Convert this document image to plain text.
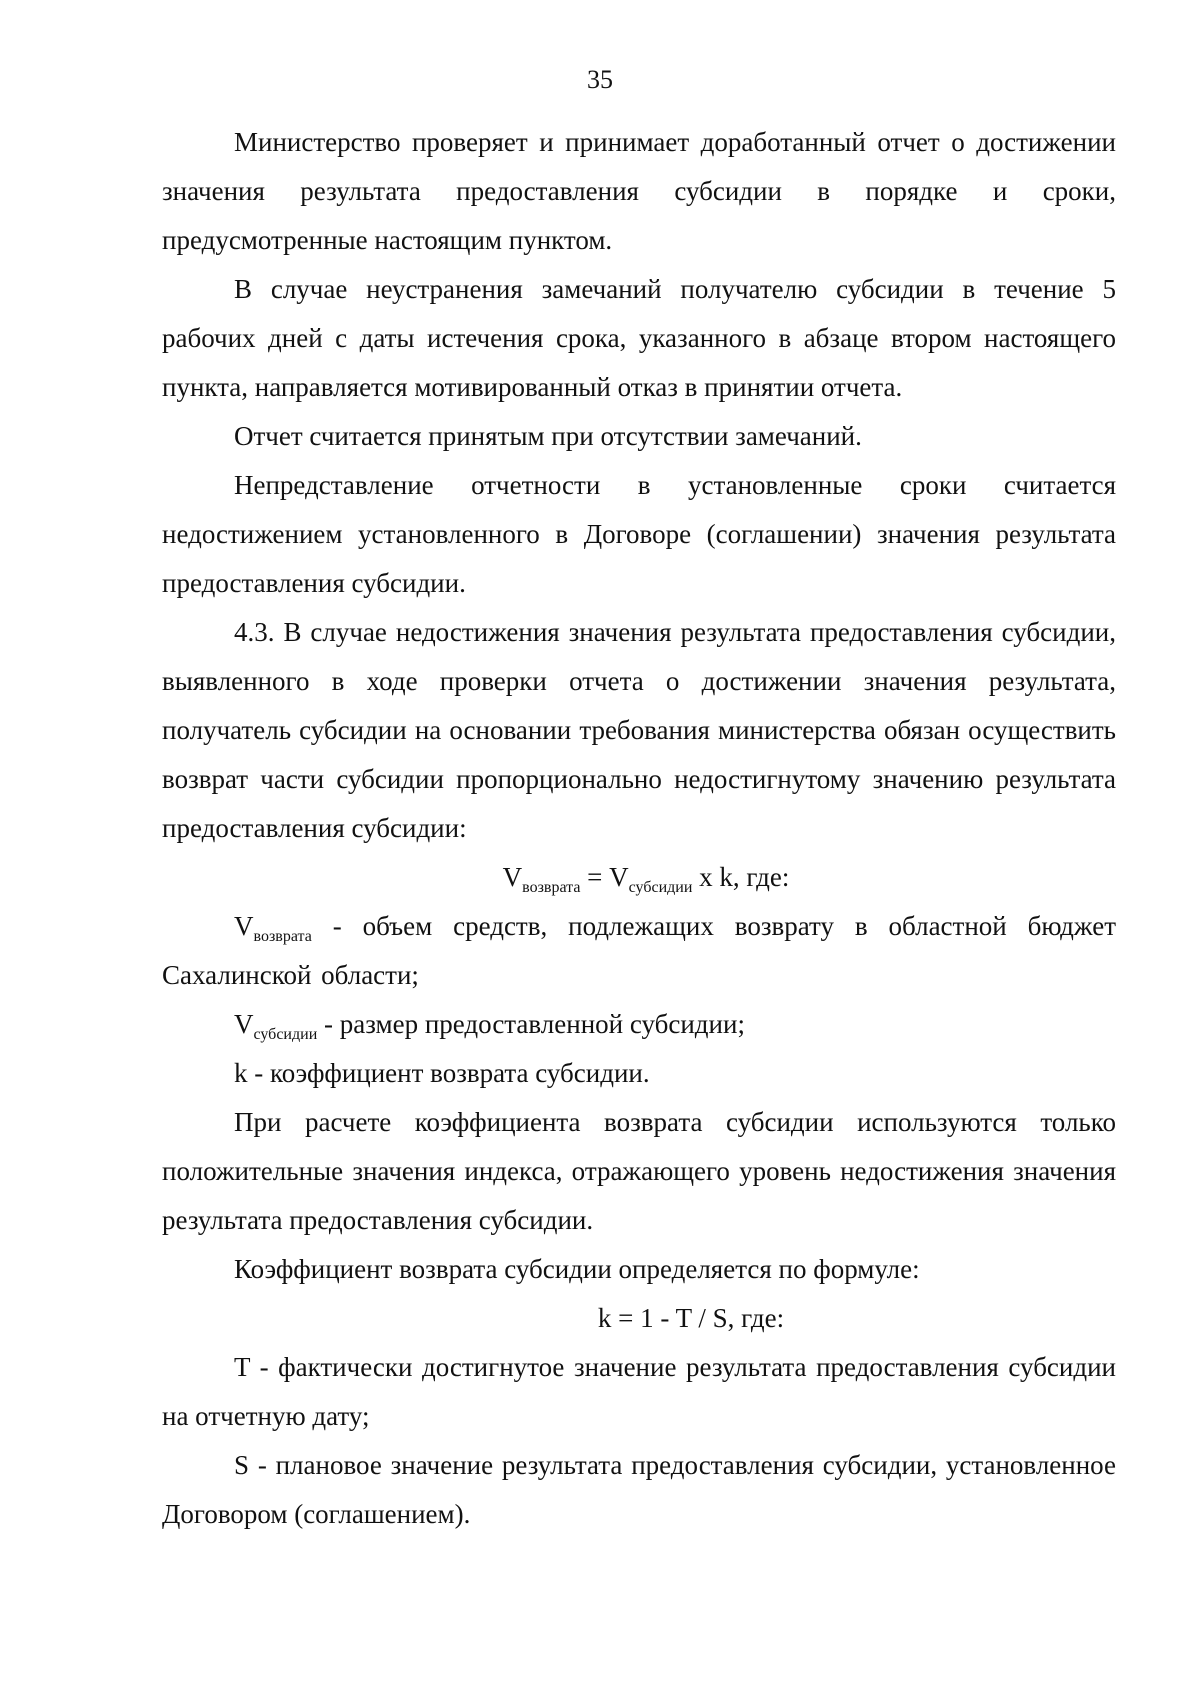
35

Министерство проверяет и принимает доработанный отчет о достижении значения результата предоставления субсидии в порядке и сроки, предусмотренные настоящим пунктом.

В случае неустранения замечаний получателю субсидии в течение 5 рабочих дней с даты истечения срока, указанного в абзаце втором настоящего пункта, направляется мотивированный отказ в принятии отчета.

Отчет считается принятым при отсутствии замечаний.

Непредставление отчетности в установленные сроки считается недостижением установленного в Договоре (соглашении) значения результата предоставления субсидии.

4.3. В случае недостижения значения результата предоставления субсидии, выявленного в ходе проверки отчета о достижении значения результата, получатель субсидии на основании требования министерства обязан осуществить возврат части субсидии пропорционально недостигнутому значению результата предоставления субсидии:

$V_{возврата} = V_{субсидии}$ x k, где:

$V_{возврата}$ - объем средств, подлежащих возврату в областной бюджет Сахалинской области;

$V_{субсидии}$ - размер предоставленной субсидии;

k - коэффициент возврата субсидии.

При расчете коэффициента возврата субсидии используются только положительные значения индекса, отражающего уровень недостижения значения результата предоставления субсидии.

Коэффициент возврата субсидии определяется по формуле:

k = 1 - T / S, где:

T - фактически достигнутое значение результата предоставления субсидии на отчетную дату;

S - плановое значение результата предоставления субсидии, установленное Договором (соглашением).
